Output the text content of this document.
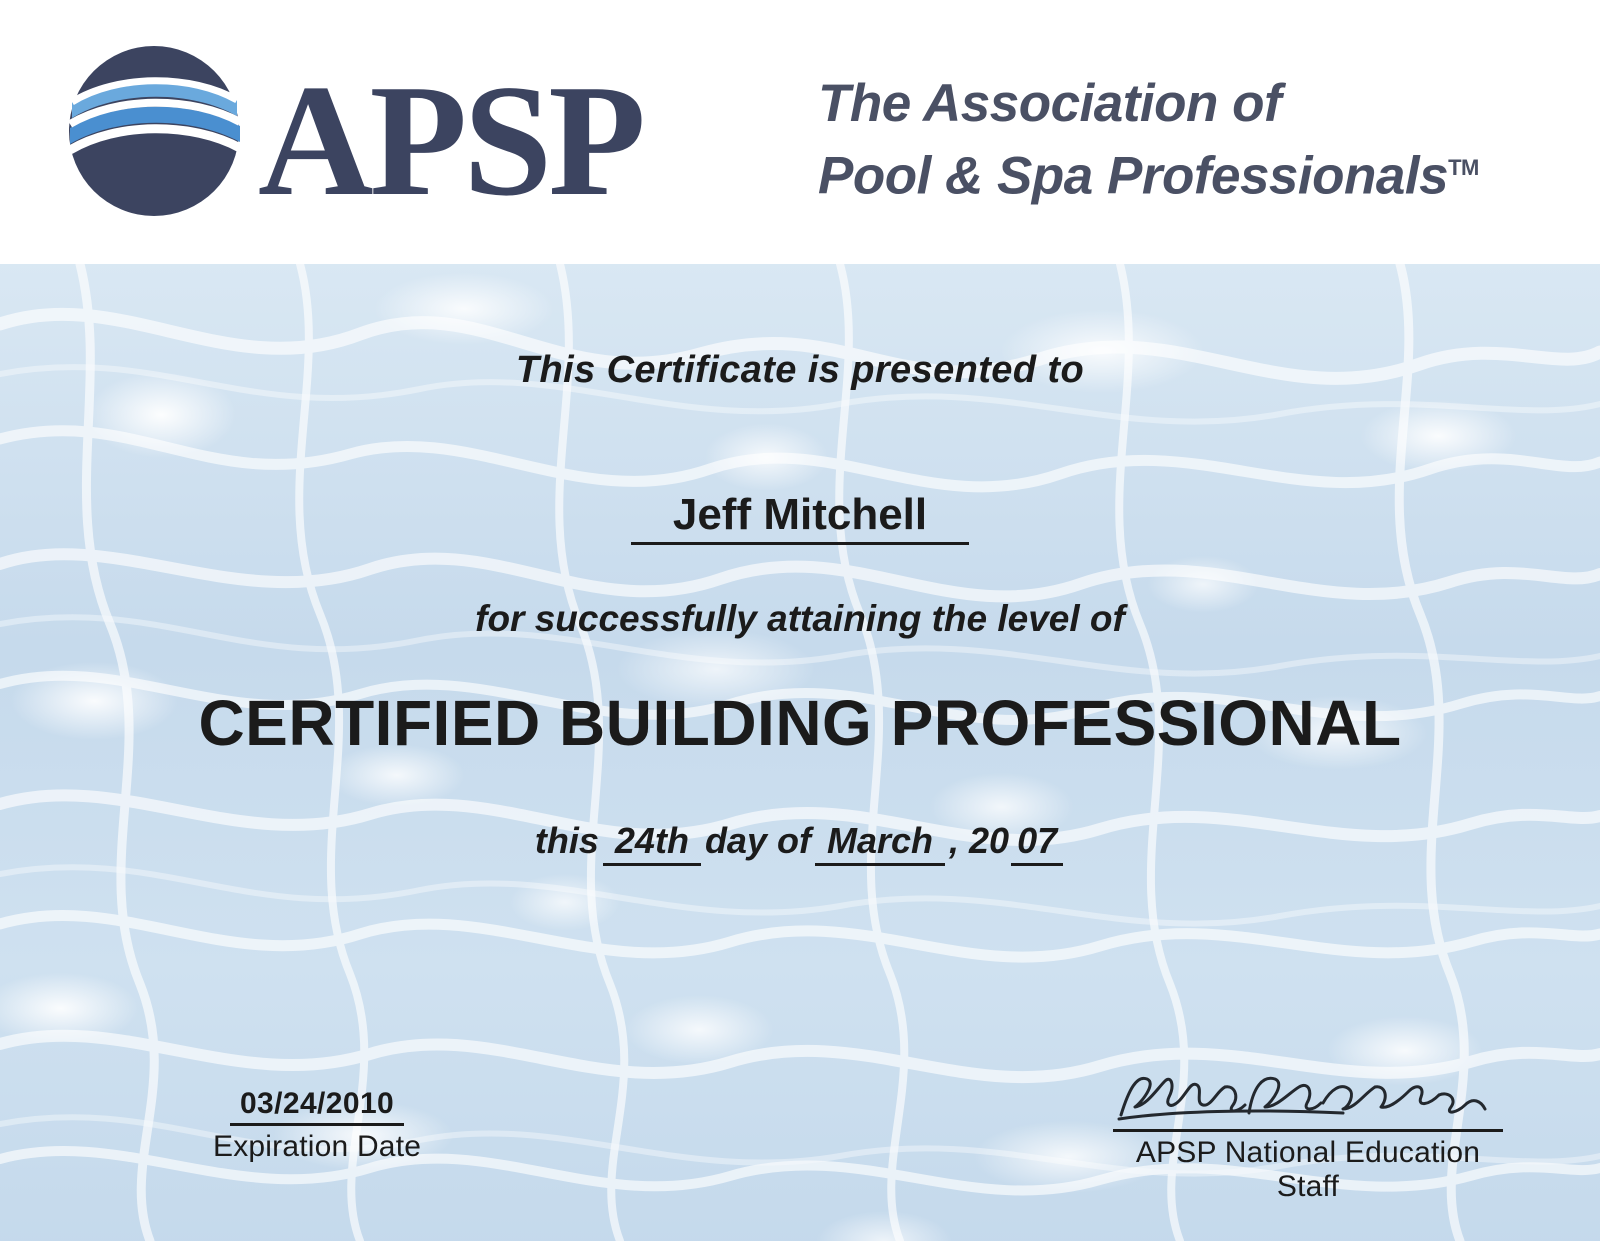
APSP	The Association of
Pool & Spa Professionals™
This Certificate is presented to
Jeff Mitchell
for successfully attaining the level of
CERTIFIED BUILDING PROFESSIONAL
this 24th day of March , 20 07
03/24/2010
Expiration Date	APSP National Education Staff
